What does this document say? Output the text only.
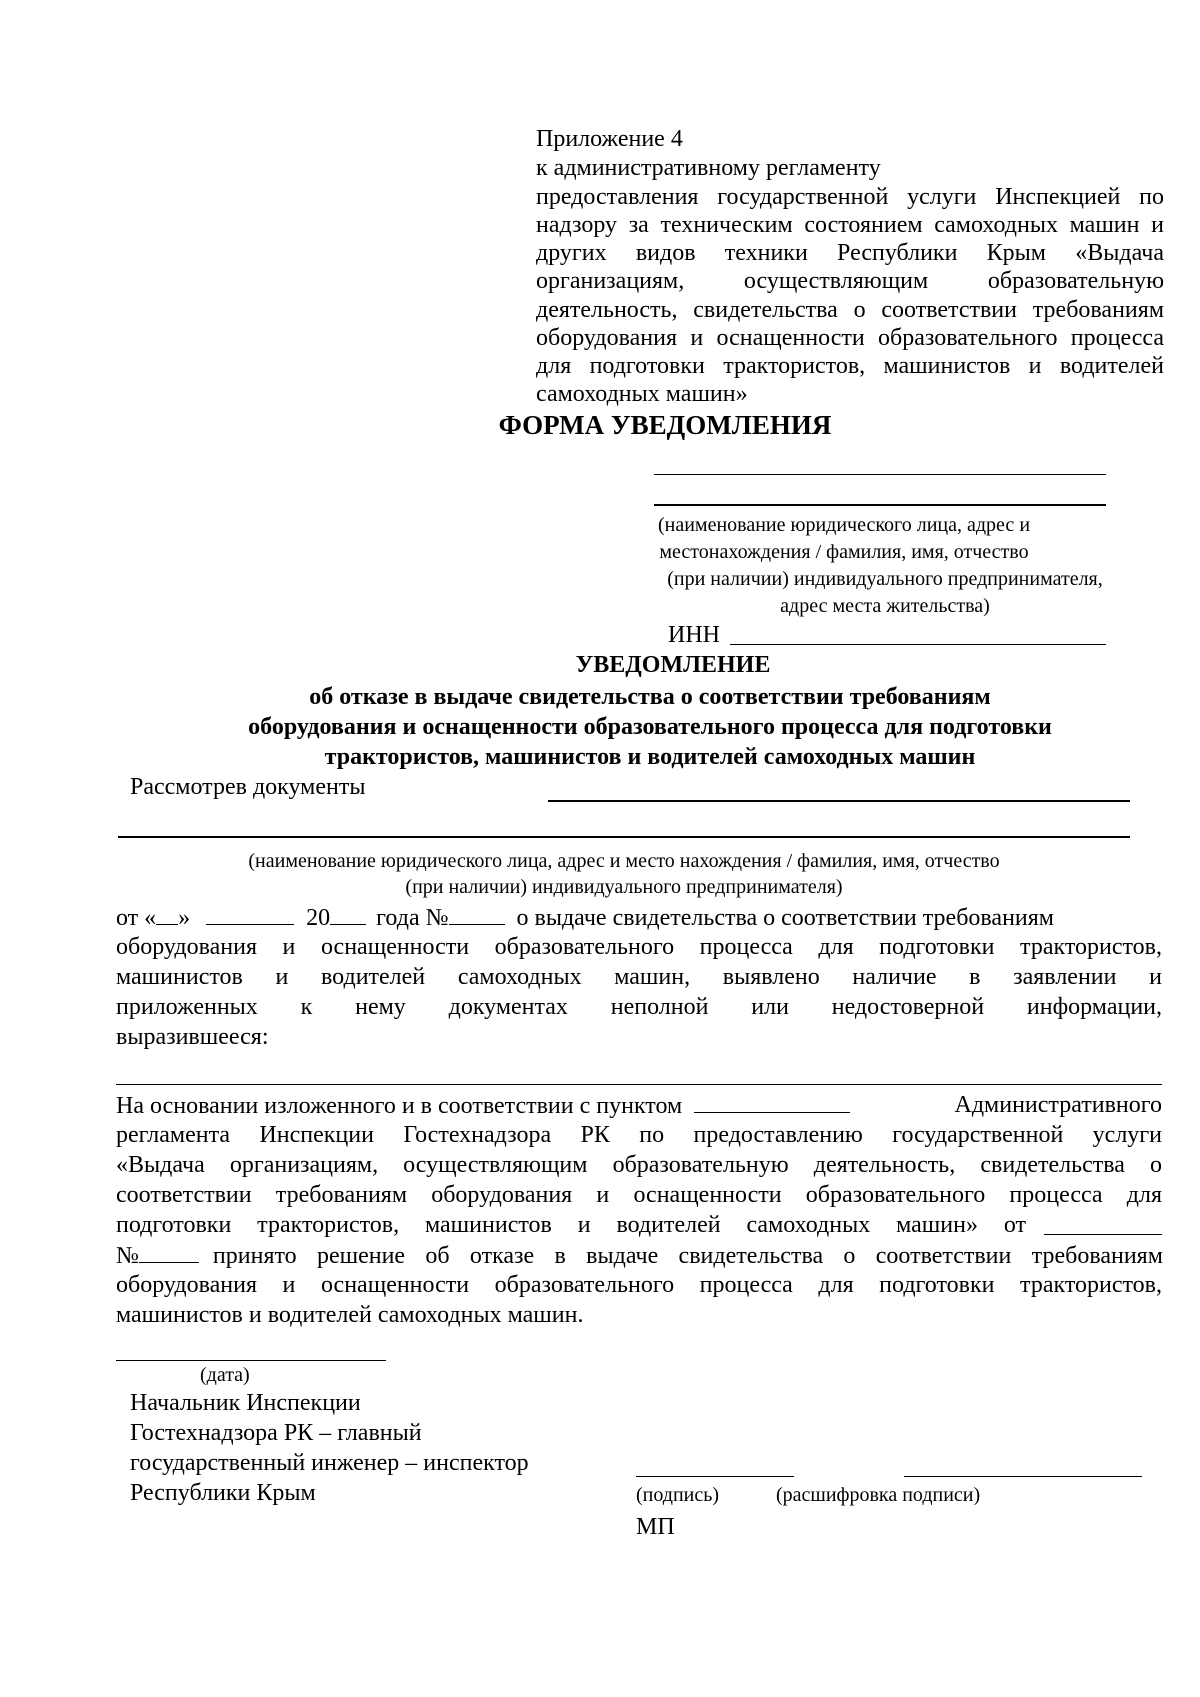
Приложение 4
к административному регламенту
предоставления государственной услуги Инспекцией по
надзору за техническим состоянием самоходных машин и
других видов техники Республики Крым «Выдача
организациям, осуществляющим образовательную
деятельность, свидетельства о соответствии требованиям
оборудования и оснащенности образовательного процесса
для подготовки трактористов, машинистов и водителей
самоходных машин»
ФОРМА УВЕДОМЛЕНИЯ
(наименование юридического лица, адрес и
местонахождения / фамилия, имя, отчество
(при наличии) индивидуального предпринимателя,
адрес места жительства)
ИНН
УВЕДОМЛЕНИЕ
об отказе в выдаче свидетельства о соответствии требованиям
оборудования и оснащенности образовательного процесса для подготовки
трактористов, машинистов и водителей самоходных машин
Рассмотрев документы
(наименование юридического лица, адрес и место нахождения / фамилия, имя, отчество
(при наличии) индивидуального предпринимателя)
от « »	20 года №	о выдаче свидетельства о соответствии требованиям
оборудования и оснащенности образовательного процесса для подготовки трактористов,
машинистов и водителей самоходных машин, выявлено наличие в заявлении и
приложенных к нему документах неполной или недостоверной информации,
выразившееся:
На основании изложенного и в соответствии с пунктом	Административного
регламента Инспекции Гостехнадзора РК по предоставлению государственной услуги
«Выдача организациям, осуществляющим образовательную деятельность, свидетельства о
соответствии требованиям оборудования и оснащенности образовательного процесса для
подготовки трактористов, машинистов и водителей самоходных машин» от
№	принято решение об отказе в выдаче свидетельства о соответствии требованиям
оборудования и оснащенности образовательного процесса для подготовки трактористов,
машинистов и водителей самоходных машин.
(дата)
Начальник Инспекции
Гостехнадзора РК – главный
государственный инженер – инспектор
Республики Крым	(подпись)	(расшифровка подписи)
МП
